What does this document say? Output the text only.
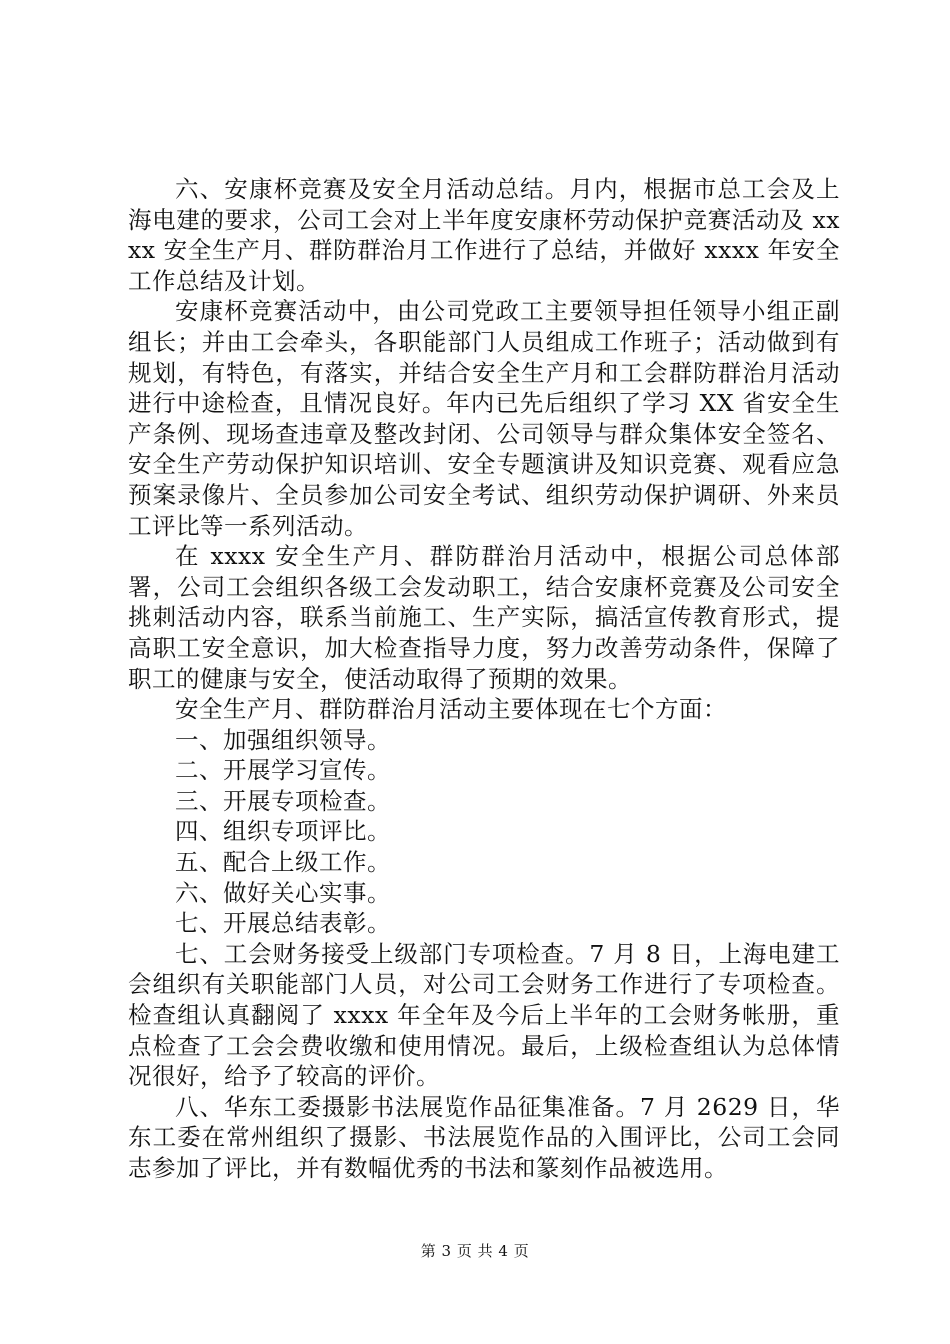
六、安康杯竞赛及安全月活动总结。月内，根据市总工会及上海电建的要求，公司工会对上半年度安康杯劳动保护竞赛活动及 xxxx 安全生产月、群防群治月工作进行了总结，并做好 xxxx 年安全工作总结及计划。

安康杯竞赛活动中，由公司党政工主要领导担任领导小组正副组长；并由工会牵头，各职能部门人员组成工作班子；活动做到有规划，有特色，有落实，并结合安全生产月和工会群防群治月活动进行中途检查，且情况良好。年内已先后组织了学习 XX 省安全生产条例、现场查违章及整改封闭、公司领导与群众集体安全签名、安全生产劳动保护知识培训、安全专题演讲及知识竞赛、观看应急预案录像片、全员参加公司安全考试、组织劳动保护调研、外来员工评比等一系列活动。

在 xxxx 安全生产月、群防群治月活动中，根据公司总体部署，公司工会组织各级工会发动职工，结合安康杯竞赛及公司安全挑刺活动内容，联系当前施工、生产实际，搞活宣传教育形式，提高职工安全意识，加大检查指导力度，努力改善劳动条件，保障了职工的健康与安全，使活动取得了预期的效果。

安全生产月、群防群治月活动主要体现在七个方面：

一、加强组织领导。

二、开展学习宣传。

三、开展专项检查。

四、组织专项评比。

五、配合上级工作。

六、做好关心实事。

七、开展总结表彰。

七、工会财务接受上级部门专项检查。7 月 8 日，上海电建工会组织有关职能部门人员，对公司工会财务工作进行了专项检查。检查组认真翻阅了 xxxx 年全年及今后上半年的工会财务帐册，重点检查了工会会费收缴和使用情况。最后，上级检查组认为总体情况很好，给予了较高的评价。

八、华东工委摄影书法展览作品征集准备。7 月 2629 日，华东工委在常州组织了摄影、书法展览作品的入围评比，公司工会同志参加了评比，并有数幅优秀的书法和篆刻作品被选用。

第 3 页 共 4 页
